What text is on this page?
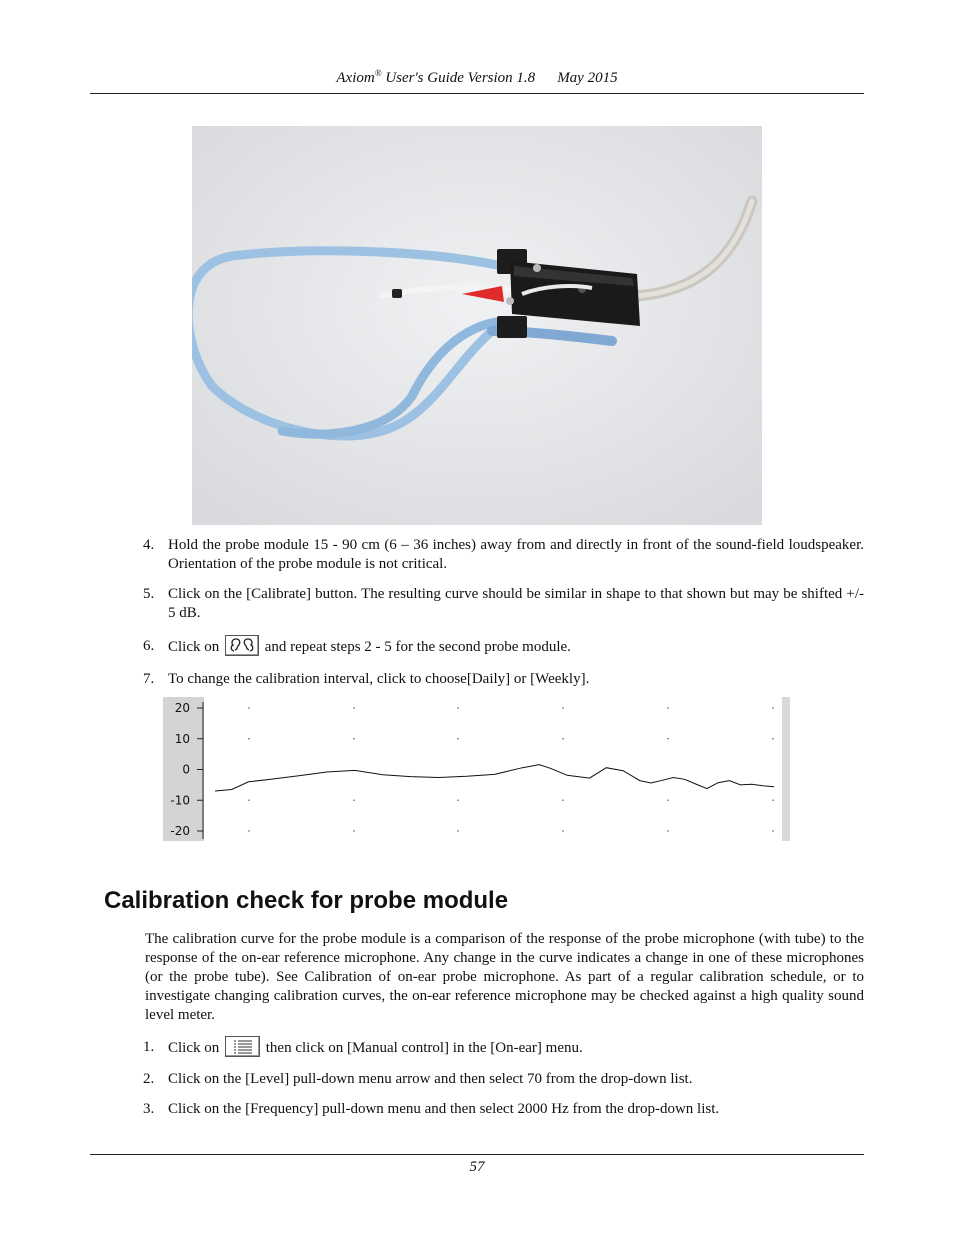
Axiom® User's Guide Version 1.8 May 2015
4. Hold the probe module 15 - 90 cm (6 – 36 inches) away from and directly in front of the sound-field loudspeaker. Orientation of the probe module is not critical.
5. Click on the [Calibrate] button. The resulting curve should be similar in shape to that shown but may be shifted +/- 5 dB.
6. Click on	and repeat steps 2 - 5 for the second probe module.
7. To change the calibration interval, click to choose[Daily] or [Weekly].
20
10
0
-10
-20
Calibration check for probe module
The calibration curve for the probe module is a comparison of the response of the probe microphone (with tube) to the response of the on-ear reference microphone. Any change in the curve indicates a change in one of these microphones (or the probe tube). See Calibration of on-ear probe microphone. As part of a regular calibration schedule, or to investigate changing calibration curves, the on-ear reference microphone may be checked against a high quality sound level meter.
1. Click on	then click on [Manual control] in the [On-ear] menu.
2. Click on the [Level] pull-down menu arrow and then select 70 from the drop-down list.
3. Click on the [Frequency] pull-down menu and then select 2000 Hz from the drop-down list.
57
